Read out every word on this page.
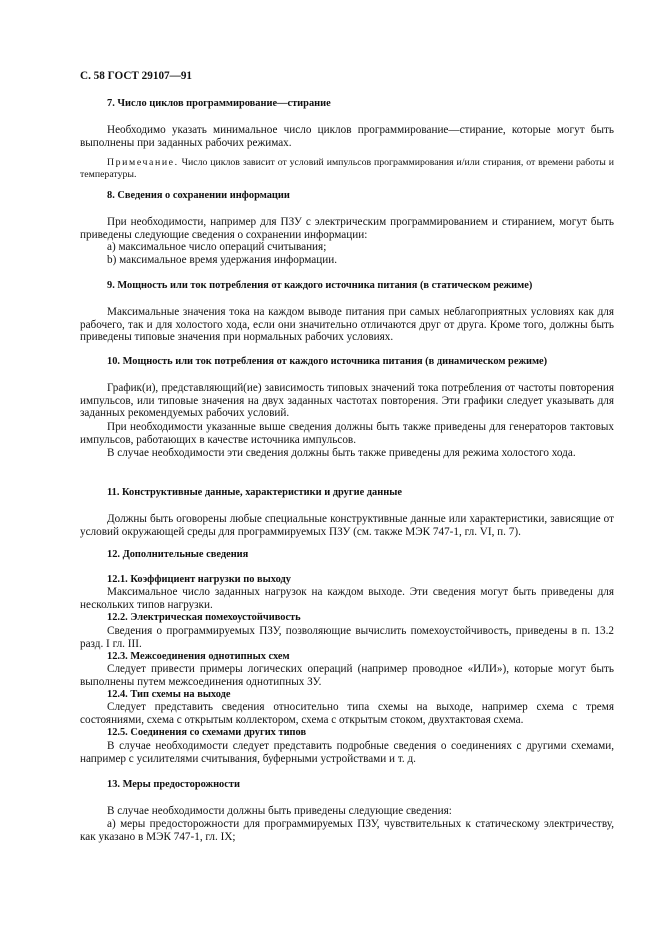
С. 58 ГОСТ 29107—91

7. Число циклов программирование—стирание

Необходимо указать минимальное число циклов программирование—стирание, которые могут быть выполнены при заданных рабочих режимах.

Примечание. Число циклов зависит от условий импульсов программирования и/или стирания, от времени работы и температуры.

8. Сведения о сохранении информации

При необходимости, например для ПЗУ с электрическим программированием и стиранием, могут быть приведены следующие сведения о сохранении информации:

а) максимальное число операций считывания;

b) максимальное время удержания информации.

9. Мощность или ток потребления от каждого источника питания (в статическом режиме)

Максимальные значения тока на каждом выводе питания при самых неблагоприятных условиях как для рабочего, так и для холостого хода, если они значительно отличаются друг от друга. Кроме того, должны быть приведены типовые значения при нормальных рабочих условиях.

10. Мощность или ток потребления от каждого источника питания (в динамическом режиме)

График(и), представляющий(ие) зависимость типовых значений тока потребления от частоты повторения импульсов, или типовые значения на двух заданных частотах повторения. Эти графики следует указывать для заданных рекомендуемых рабочих условий.

При необходимости указанные выше сведения должны быть также приведены для генераторов тактовых импульсов, работающих в качестве источника импульсов.

В случае необходимости эти сведения должны быть также приведены для режима холостого хода.

11. Конструктивные данные, характеристики и другие данные

Должны быть оговорены любые специальные конструктивные данные или характеристики, зависящие от условий окружающей среды для программируемых ПЗУ (см. также МЭК 747-1, гл. VI, п. 7).

12. Дополнительные сведения

12.1. Коэффициент нагрузки по выходу

Максимальное число заданных нагрузок на каждом выходе. Эти сведения могут быть приведены для нескольких типов нагрузки.

12.2. Электрическая помехоустойчивость

Сведения о программируемых ПЗУ, позволяющие вычислить помехоустойчивость, приведены в п. 13.2 разд. I гл. III.

12.3. Межсоединения однотипных схем

Следует привести примеры логических операций (например проводное «ИЛИ»), которые могут быть выполнены путем межсоединения однотипных ЗУ.

12.4. Тип схемы на выходе

Следует представить сведения относительно типа схемы на выходе, например схема с тремя состояниями, схема с открытым коллектором, схема с открытым стоком, двухтактовая схема.

12.5. Соединения со схемами других типов

В случае необходимости следует представить подробные сведения о соединениях с другими схемами, например с усилителями считывания, буферными устройствами и т. д.

13. Меры предосторожности

В случае необходимости должны быть приведены следующие сведения:

а) меры предосторожности для программируемых ПЗУ, чувствительных к статическому электричеству, как указано в МЭК 747-1, гл. IX;
